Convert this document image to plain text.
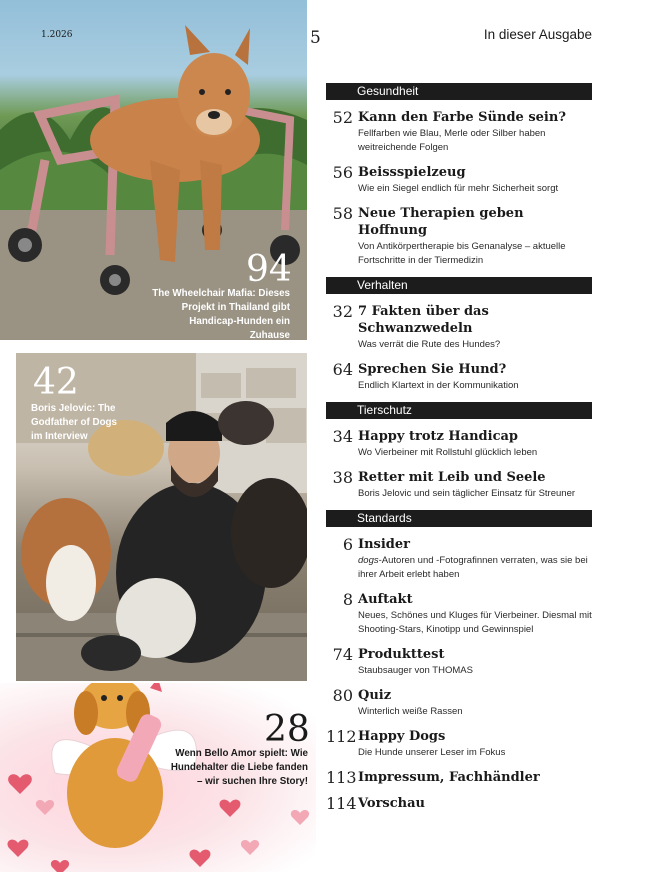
1.2026
94
The Wheelchair Mafia: Dieses Projekt in Thailand gibt Handicap-Hunden ein Zuhause
42
Boris Jelovic: The Godfather of Dogs im Interview
28
Wenn Bello Amor spielt: Wie Hundehalter die Liebe fanden – wir suchen Ihre Story!
5	In dieser Ausgabe
Gesundheit
52 Kann den Farbe Sünde sein?
Fellfarben wie Blau, Merle oder Silber haben weitreichende Folgen
56 Beissspielzeug
Wie ein Siegel endlich für mehr Sicherheit sorgt
58 Neue Therapien geben Hoffnung
Von Antikörpertherapie bis Genanalyse – aktuelle Fortschritte in der Tiermedizin
Verhalten
32 7 Fakten über das Schwanzwedeln
Was verrät die Rute des Hundes?
64 Sprechen Sie Hund?
Endlich Klartext in der Kommunikation
Tierschutz
34 Happy trotz Handicap
Wo Vierbeiner mit Rollstuhl glücklich leben
38 Retter mit Leib und Seele
Boris Jelovic und sein täglicher Einsatz für Streuner
Standards
6 Insider
dogs-Autoren und -Fotografinnen verraten, was sie bei ihrer Arbeit erlebt haben
8 Auftakt
Neues, Schönes und Kluges für Vierbeiner. Diesmal mit Shooting-Stars, Kinotipp und Gewinnspiel
74 Produkttest
Staubsauger von THOMAS
80 Quiz
Winterlich weiße Rassen
112 Happy Dogs
Die Hunde unserer Leser im Fokus
113 Impressum, Fachhändler
114 Vorschau
